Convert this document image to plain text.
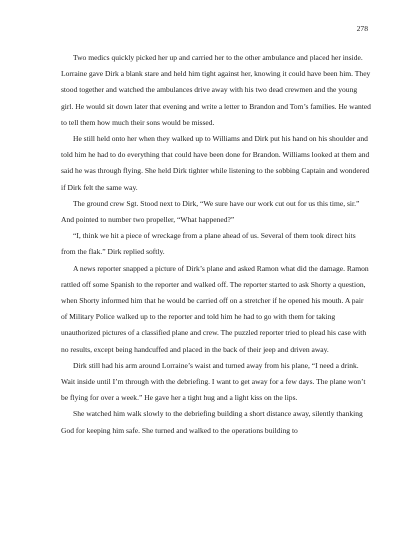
278

Two medics quickly picked her up and carried her to the other ambulance and placed her inside. Lorraine gave Dirk a blank stare and held him tight against her, knowing it could have been him. They stood together and watched the ambulances drive away with his two dead crewmen and the young girl. He would sit down later that evening and write a letter to Brandon and Tom’s families. He wanted to tell them how much their sons would be missed.

He still held onto her when they walked up to Williams and Dirk put his hand on his shoulder and told him he had to do everything that could have been done for Brandon. Williams looked at them and said he was through flying. She held Dirk tighter while listening to the sobbing Captain and wondered if Dirk felt the same way.

The ground crew Sgt. Stood next to Dirk, “We sure have our work cut out for us this time, sir.” And pointed to number two propeller, “What happened?”

“I, think we hit a piece of wreckage from a plane ahead of us. Several of them took direct hits from the flak.” Dirk replied softly.

A news reporter snapped a picture of Dirk’s plane and asked Ramon what did the damage. Ramon rattled off some Spanish to the reporter and walked off. The reporter started to ask Shorty a question, when Shorty informed him that he would be carried off on a stretcher if he opened his mouth. A pair of Military Police walked up to the reporter and told him he had to go with them for taking unauthorized pictures of a classified plane and crew. The puzzled reporter tried to plead his case with no results, except being handcuffed and placed in the back of their jeep and driven away.

Dirk still had his arm around Lorraine’s waist and turned away from his plane, “I need a drink. Wait inside until I’m through with the debriefing. I want to get away for a few days. The plane won’t be flying for over a week.” He gave her a tight hug and a light kiss on the lips.

She watched him walk slowly to the debriefing building a short distance away, silently thanking God for keeping him safe. She turned and walked to the operations building to
